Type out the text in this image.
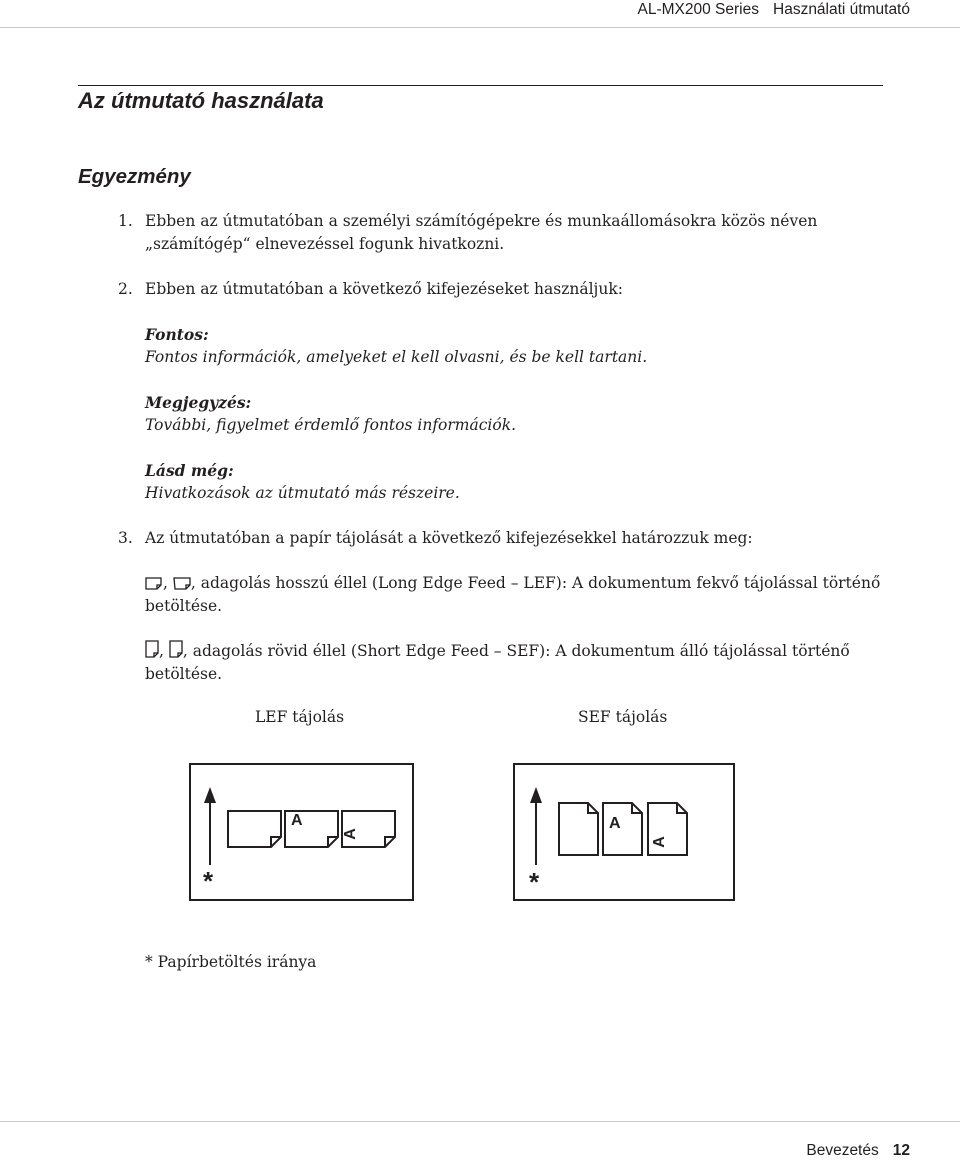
AL-MX200 Series Használati útmutató
Az útmutató használata
Egyezmény
1. Ebben az útmutatóban a személyi számítógépekre és munkaállomásokra közös néven
„számítógép“ elnevezéssel fogunk hivatkozni.
2. Ebben az útmutatóban a következő kifejezéseket használjuk:
Fontos:
Fontos információk, amelyeket el kell olvasni, és be kell tartani.
Megjegyzés:
További, figyelmet érdemlő fontos információk.
Lásd még:
Hivatkozások az útmutató más részeire.
3. Az útmutatóban a papír tájolását a következő kifejezésekkel határozzuk meg:
, , adagolás hosszú éllel (Long Edge Feed – LEF): A dokumentum fekvő tájolással történő
betöltése.
, , adagolás rövid éllel (Short Edge Feed – SEF): A dokumentum álló tájolással történő
betöltése.
LEF tájolás	SEF tájolás
A
A
*
A
A
*
* Papírbetöltés iránya
Bevezetés 12
